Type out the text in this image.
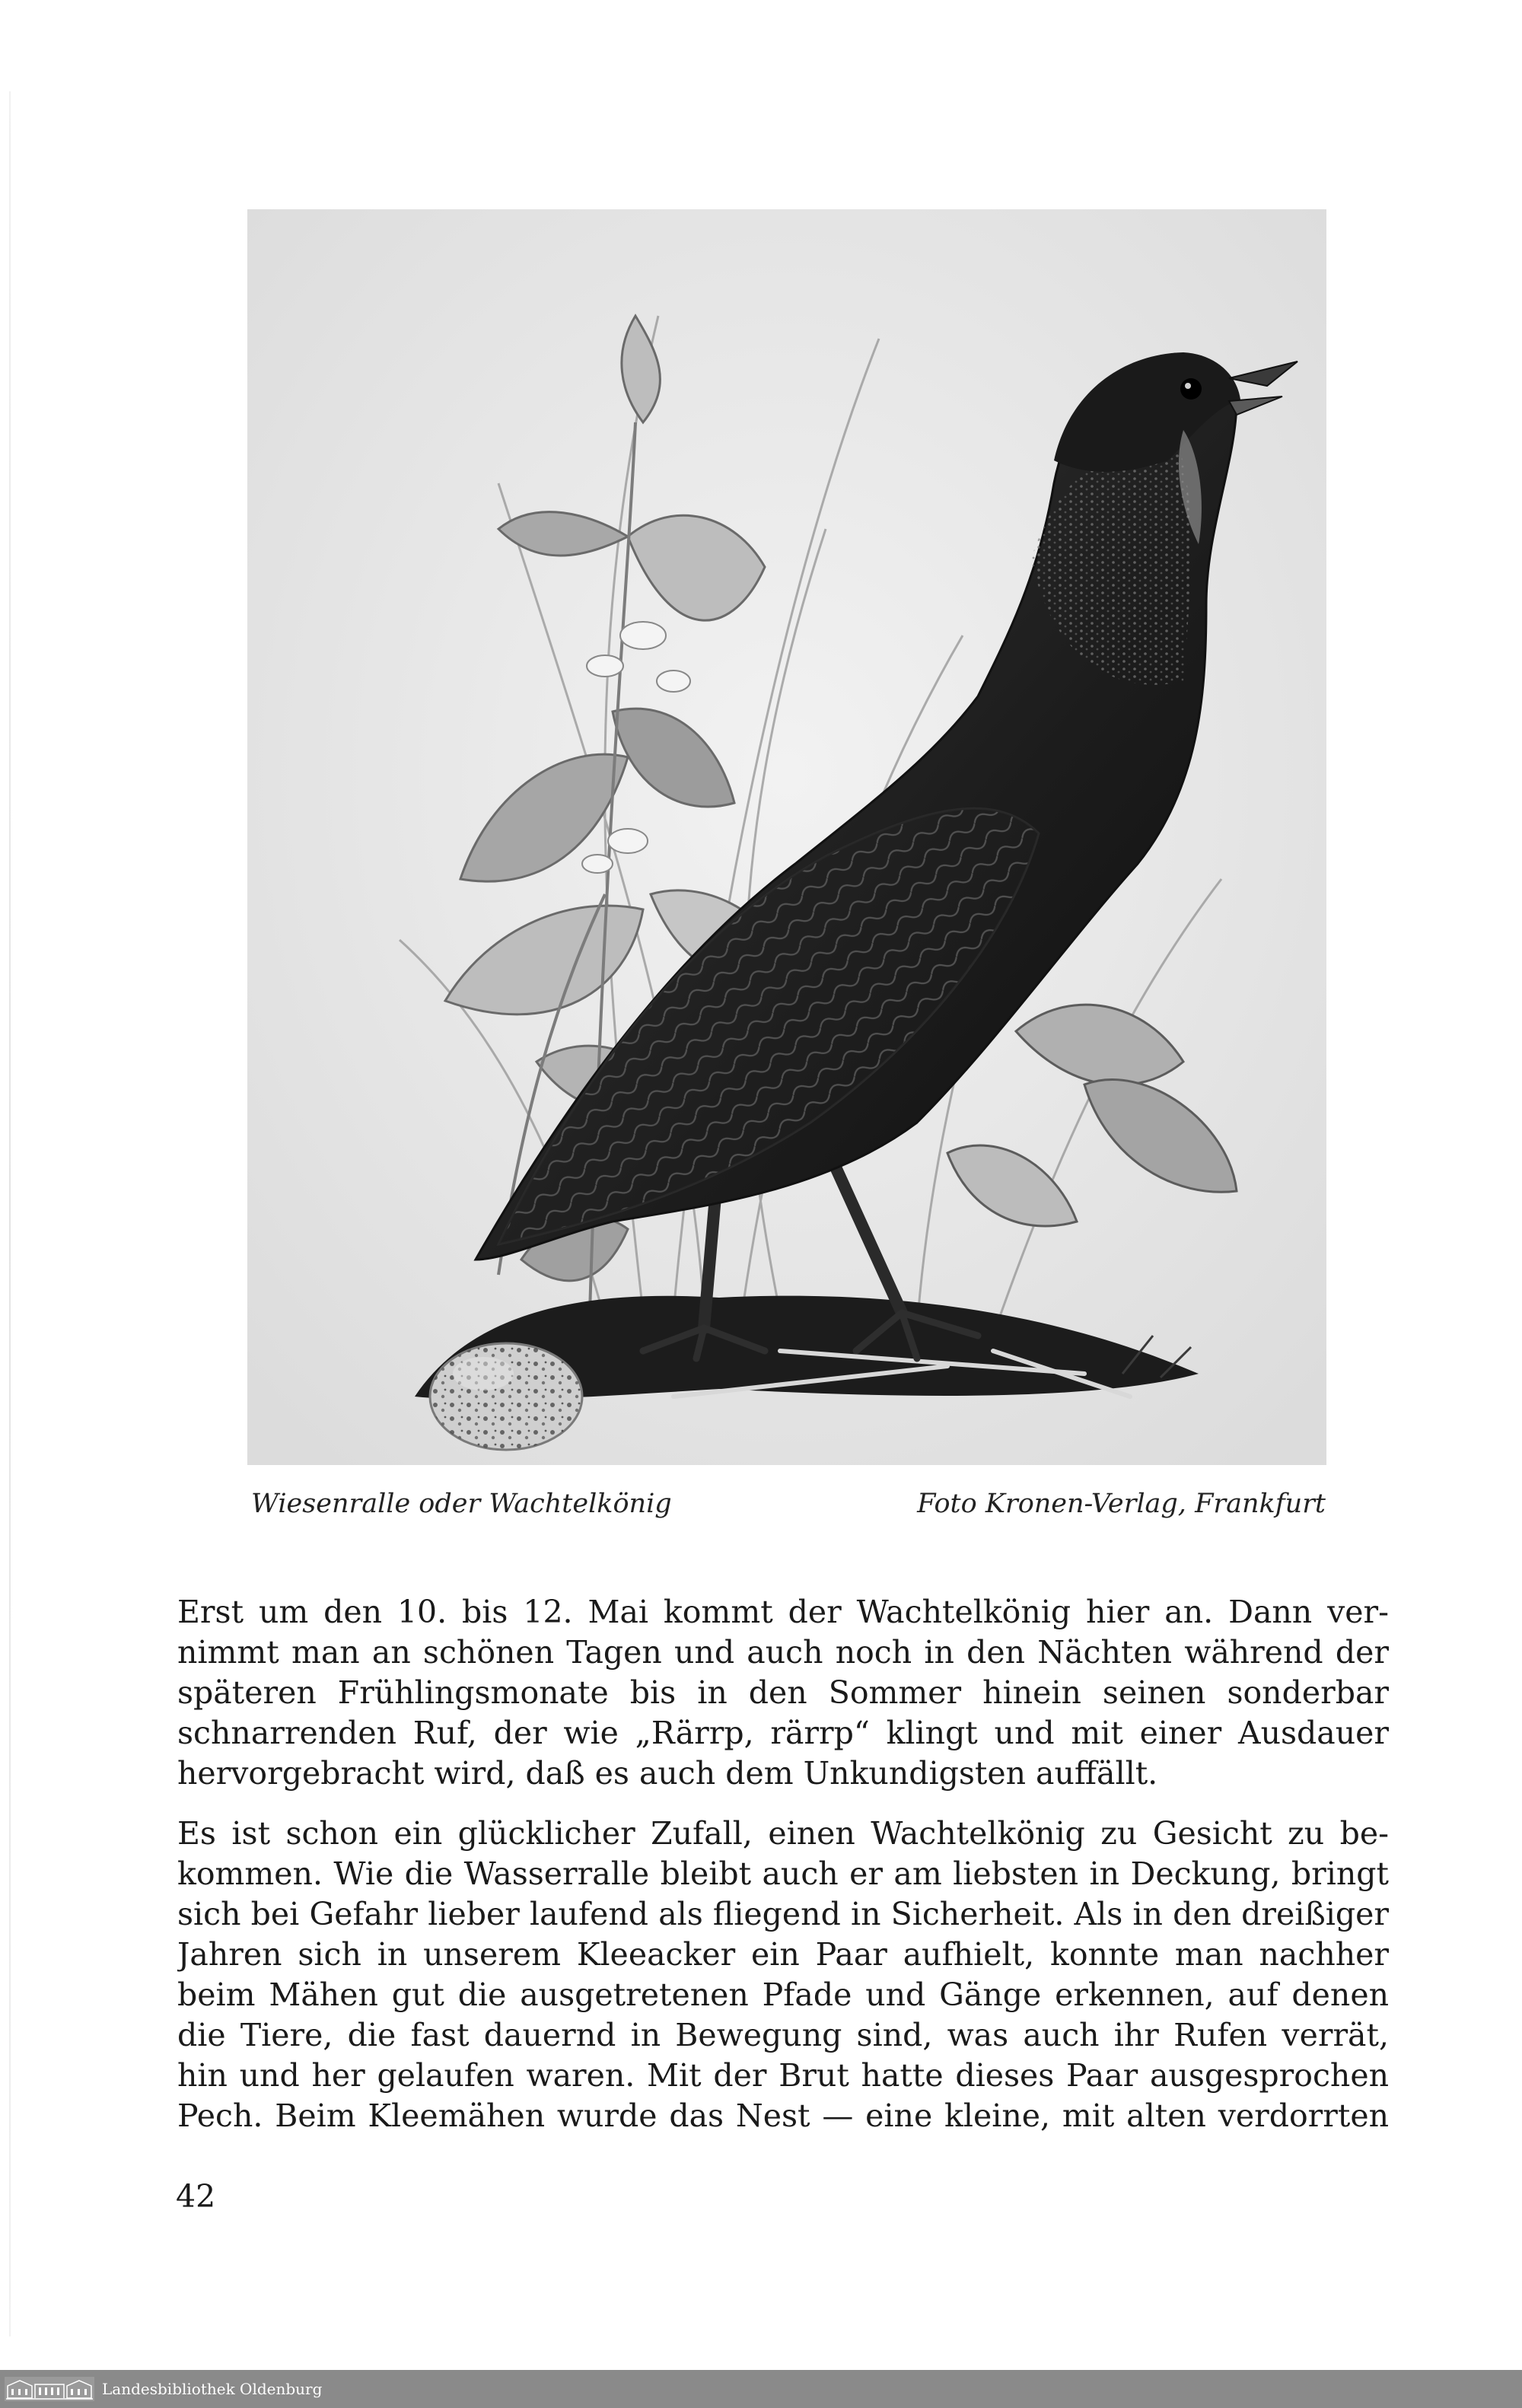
Wiesenralle oder Wachtelkönig	Foto Kronen-Verlag, Frankfurt

Erst um den 10. bis 12. Mai kommt der Wachtelkönig hier an. Dann ver-
nimmt man an schönen Tagen und auch noch in den Nächten während der
späteren Frühlingsmonate bis in den Sommer hinein seinen sonderbar
schnarrenden Ruf, der wie „Rärrp, rärrp“ klingt und mit einer Ausdauer
hervorgebracht wird, daß es auch dem Unkundigsten auffällt.

Es ist schon ein glücklicher Zufall, einen Wachtelkönig zu Gesicht zu be-
kommen. Wie die Wasserralle bleibt auch er am liebsten in Deckung, bringt
sich bei Gefahr lieber laufend als fliegend in Sicherheit. Als in den dreißiger
Jahren sich in unserem Kleeacker ein Paar aufhielt, konnte man nachher
beim Mähen gut die ausgetretenen Pfade und Gänge erkennen, auf denen
die Tiere, die fast dauernd in Bewegung sind, was auch ihr Rufen verrät,
hin und her gelaufen waren. Mit der Brut hatte dieses Paar ausgesprochen
Pech. Beim Kleemähen wurde das Nest — eine kleine, mit alten verdorrten

42
Landesbibliothek Oldenburg
